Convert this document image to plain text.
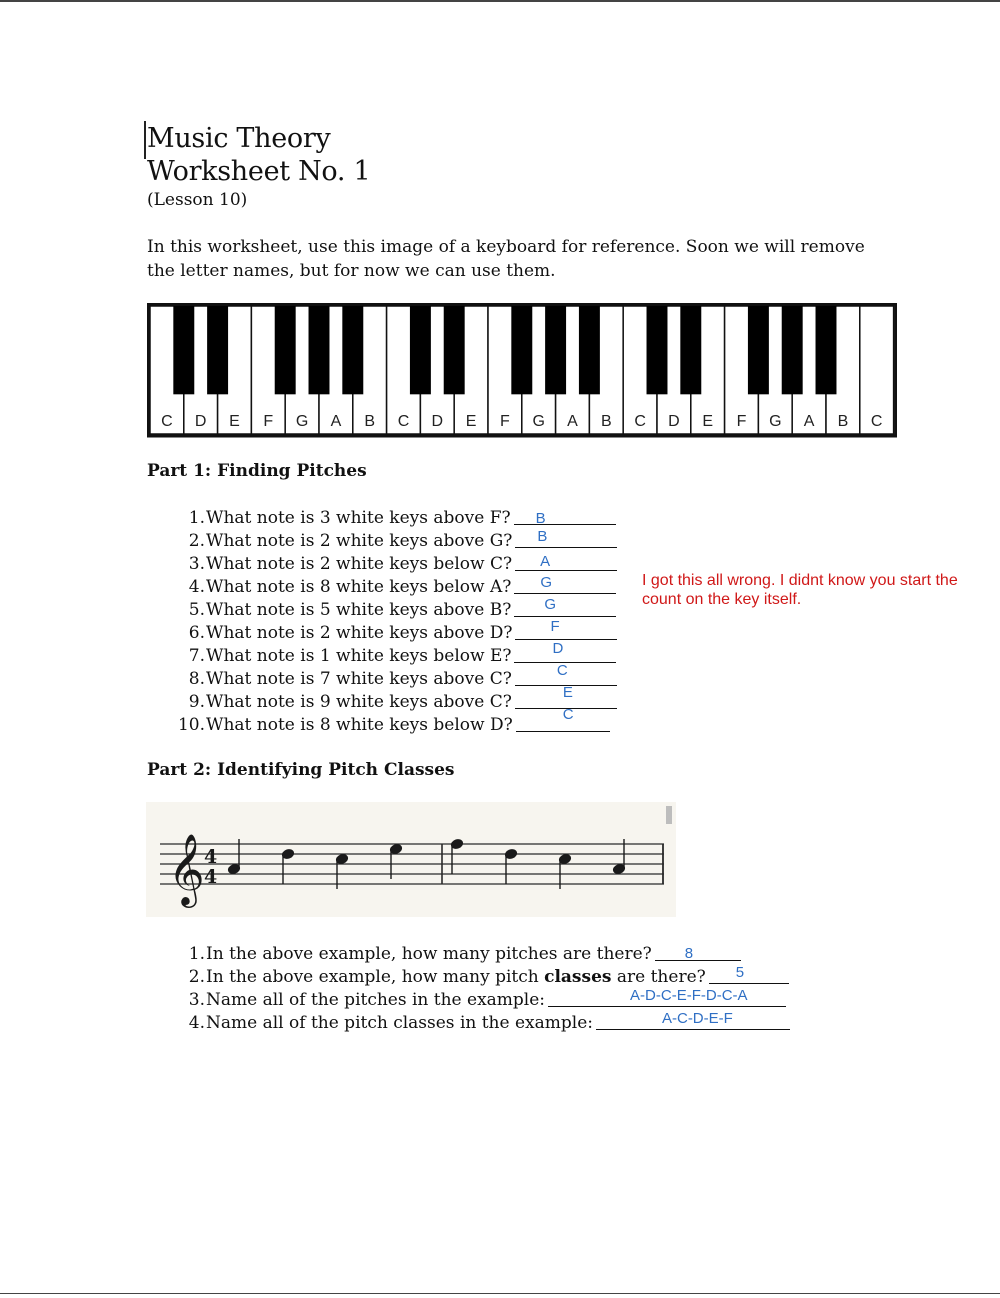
Music Theory
Worksheet No. 1
(Lesson 10)
In this worksheet, use this image of a keyboard for reference. Soon we will remove the letter names, but for now we can use them.
C D E F G A B C D E F G A B C D E F G A B C
Part 1: Finding Pitches
1. What note is 3 white keys above F? B
2. What note is 2 white keys above G? B
3. What note is 2 white keys below C? A
4. What note is 8 white keys below A? G
5. What note is 5 white keys above B? G
6. What note is 2 white keys above D?	F
7. What note is 1 white keys below E?	D
8. What note is 7 white keys above C?	C
9. What note is 9 white keys above C?	E
10. What note is 8 white keys below D?
C
I got this all wrong. I didnt know you start the count on the key itself.
Part 2: Identifying Pitch Classes
𝄞 4
4
1. In the above example, how many pitches are there? 8
2. In the above example, how many pitch classes are there? 5
3. Name all of the pitches in the example:	A-D-C-E-F-D-C-A
4. Name all of the pitch classes in the example:	A-C-D-E-F
